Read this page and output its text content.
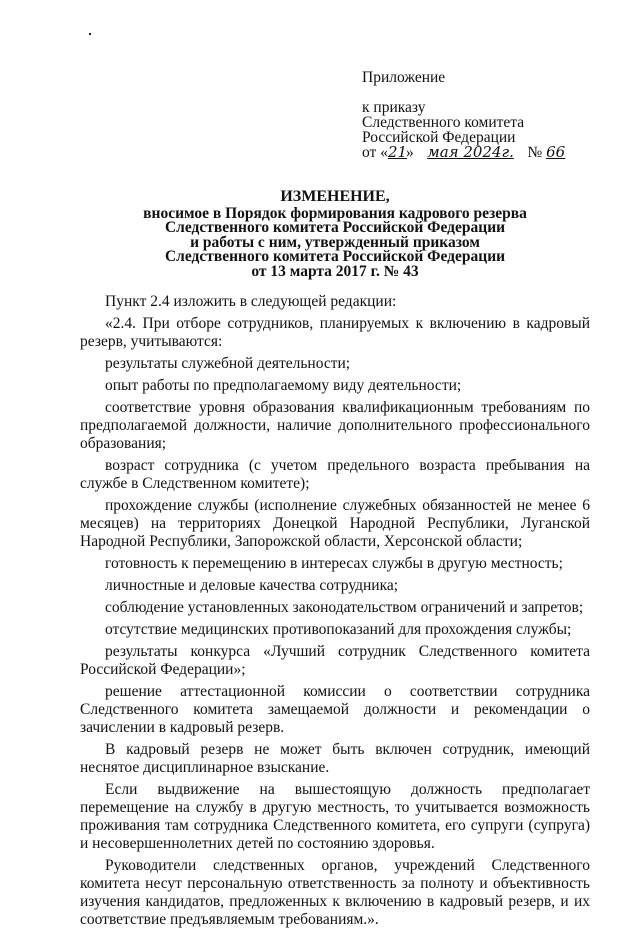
Приложение
к приказу
Следственного комитета
Российской Федерации
от «21» мая 2024г. № 66
ИЗМЕНЕНИЕ,
вносимое в Порядок формирования кадрового резерва
Следственного комитета Российской Федерации
и работы с ним, утвержденный приказом
Следственного комитета Российской Федерации
от 13 марта 2017 г. № 43

Пункт 2.4 изложить в следующей редакции:

«2.4. При отборе сотрудников, планируемых к включению в кадровый резерв, учитываются:

результаты служебной деятельности;

опыт работы по предполагаемому виду деятельности;

соответствие уровня образования квалификационным требованиям по предполагаемой должности, наличие дополнительного профессионального образования;

возраст сотрудника (с учетом предельного возраста пребывания на службе в Следственном комитете);

прохождение службы (исполнение служебных обязанностей не менее 6 месяцев) на территориях Донецкой Народной Республики, Луганской Народной Республики, Запорожской области, Херсонской области;

готовность к перемещению в интересах службы в другую местность;

личностные и деловые качества сотрудника;

соблюдение установленных законодательством ограничений и запретов;

отсутствие медицинских противопоказаний для прохождения службы;

результаты конкурса «Лучший сотрудник Следственного комитета Российской Федерации»;

решение аттестационной комиссии о соответствии сотрудника Следственного комитета замещаемой должности и рекомендации о зачислении в кадровый резерв.

В кадровый резерв не может быть включен сотрудник, имеющий неснятое дисциплинарное взыскание.

Если выдвижение на вышестоящую должность предполагает перемещение на службу в другую местность, то учитывается возможность проживания там сотрудника Следственного комитета, его супруги (супруга) и несовершеннолетних детей по состоянию здоровья.

Руководители следственных органов, учреждений Следственного комитета несут персональную ответственность за полноту и объективность изучения кандидатов, предложенных к включению в кадровый резерв, и их соответствие предъявляемым требованиям.».
